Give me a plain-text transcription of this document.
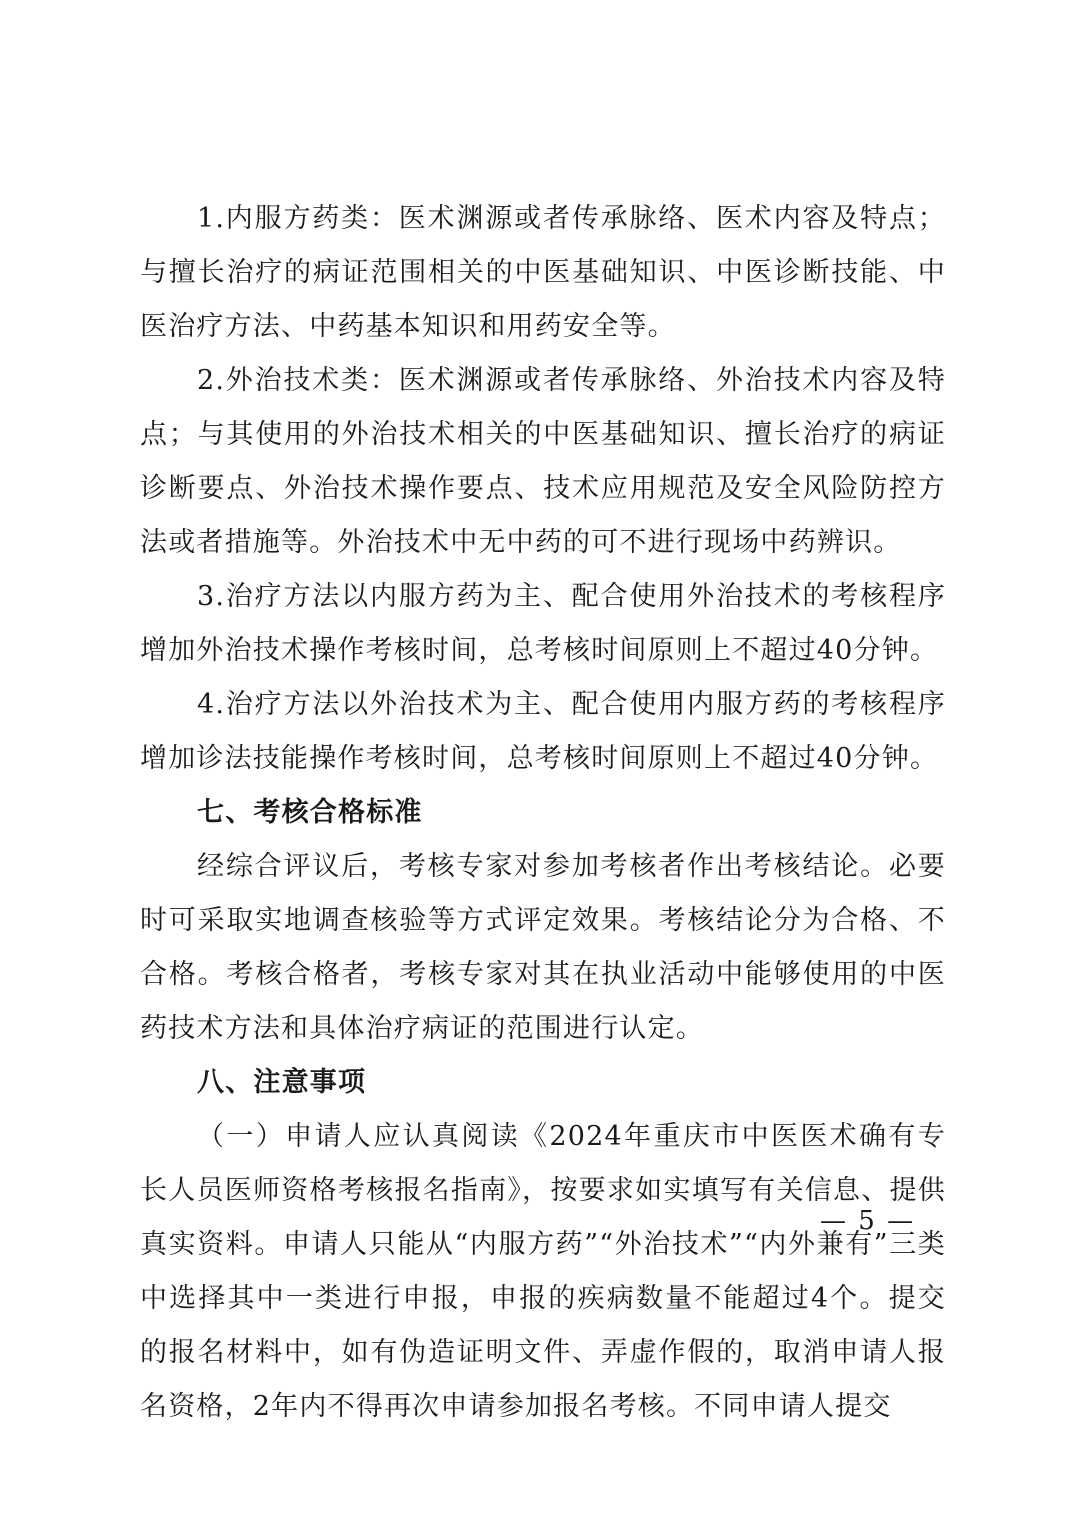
1.内服方药类：医术渊源或者传承脉络、医术内容及特点；与擅长治疗的病证范围相关的中医基础知识、中医诊断技能、中医治疗方法、中药基本知识和用药安全等。

2.外治技术类：医术渊源或者传承脉络、外治技术内容及特点；与其使用的外治技术相关的中医基础知识、擅长治疗的病证诊断要点、外治技术操作要点、技术应用规范及安全风险防控方法或者措施等。外治技术中无中药的可不进行现场中药辨识。

3.治疗方法以内服方药为主、配合使用外治技术的考核程序增加外治技术操作考核时间，总考核时间原则上不超过40分钟。

4.治疗方法以外治技术为主、配合使用内服方药的考核程序增加诊法技能操作考核时间，总考核时间原则上不超过40分钟。

七、考核合格标准

经综合评议后，考核专家对参加考核者作出考核结论。必要时可采取实地调查核验等方式评定效果。考核结论分为合格、不合格。考核合格者，考核专家对其在执业活动中能够使用的中医药技术方法和具体治疗病证的范围进行认定。

八、注意事项

（一）申请人应认真阅读《2024年重庆市中医医术确有专长人员医师资格考核报名指南》，按要求如实填写有关信息、提供真实资料。申请人只能从“内服方药”“外治技术”“内外兼有”三类中选择其中一类进行申报，申报的疾病数量不能超过4个。提交的报名材料中，如有伪造证明文件、弄虚作假的，取消申请人报名资格，2年内不得再次申请参加报名考核。不同申请人提交

— 5 —
